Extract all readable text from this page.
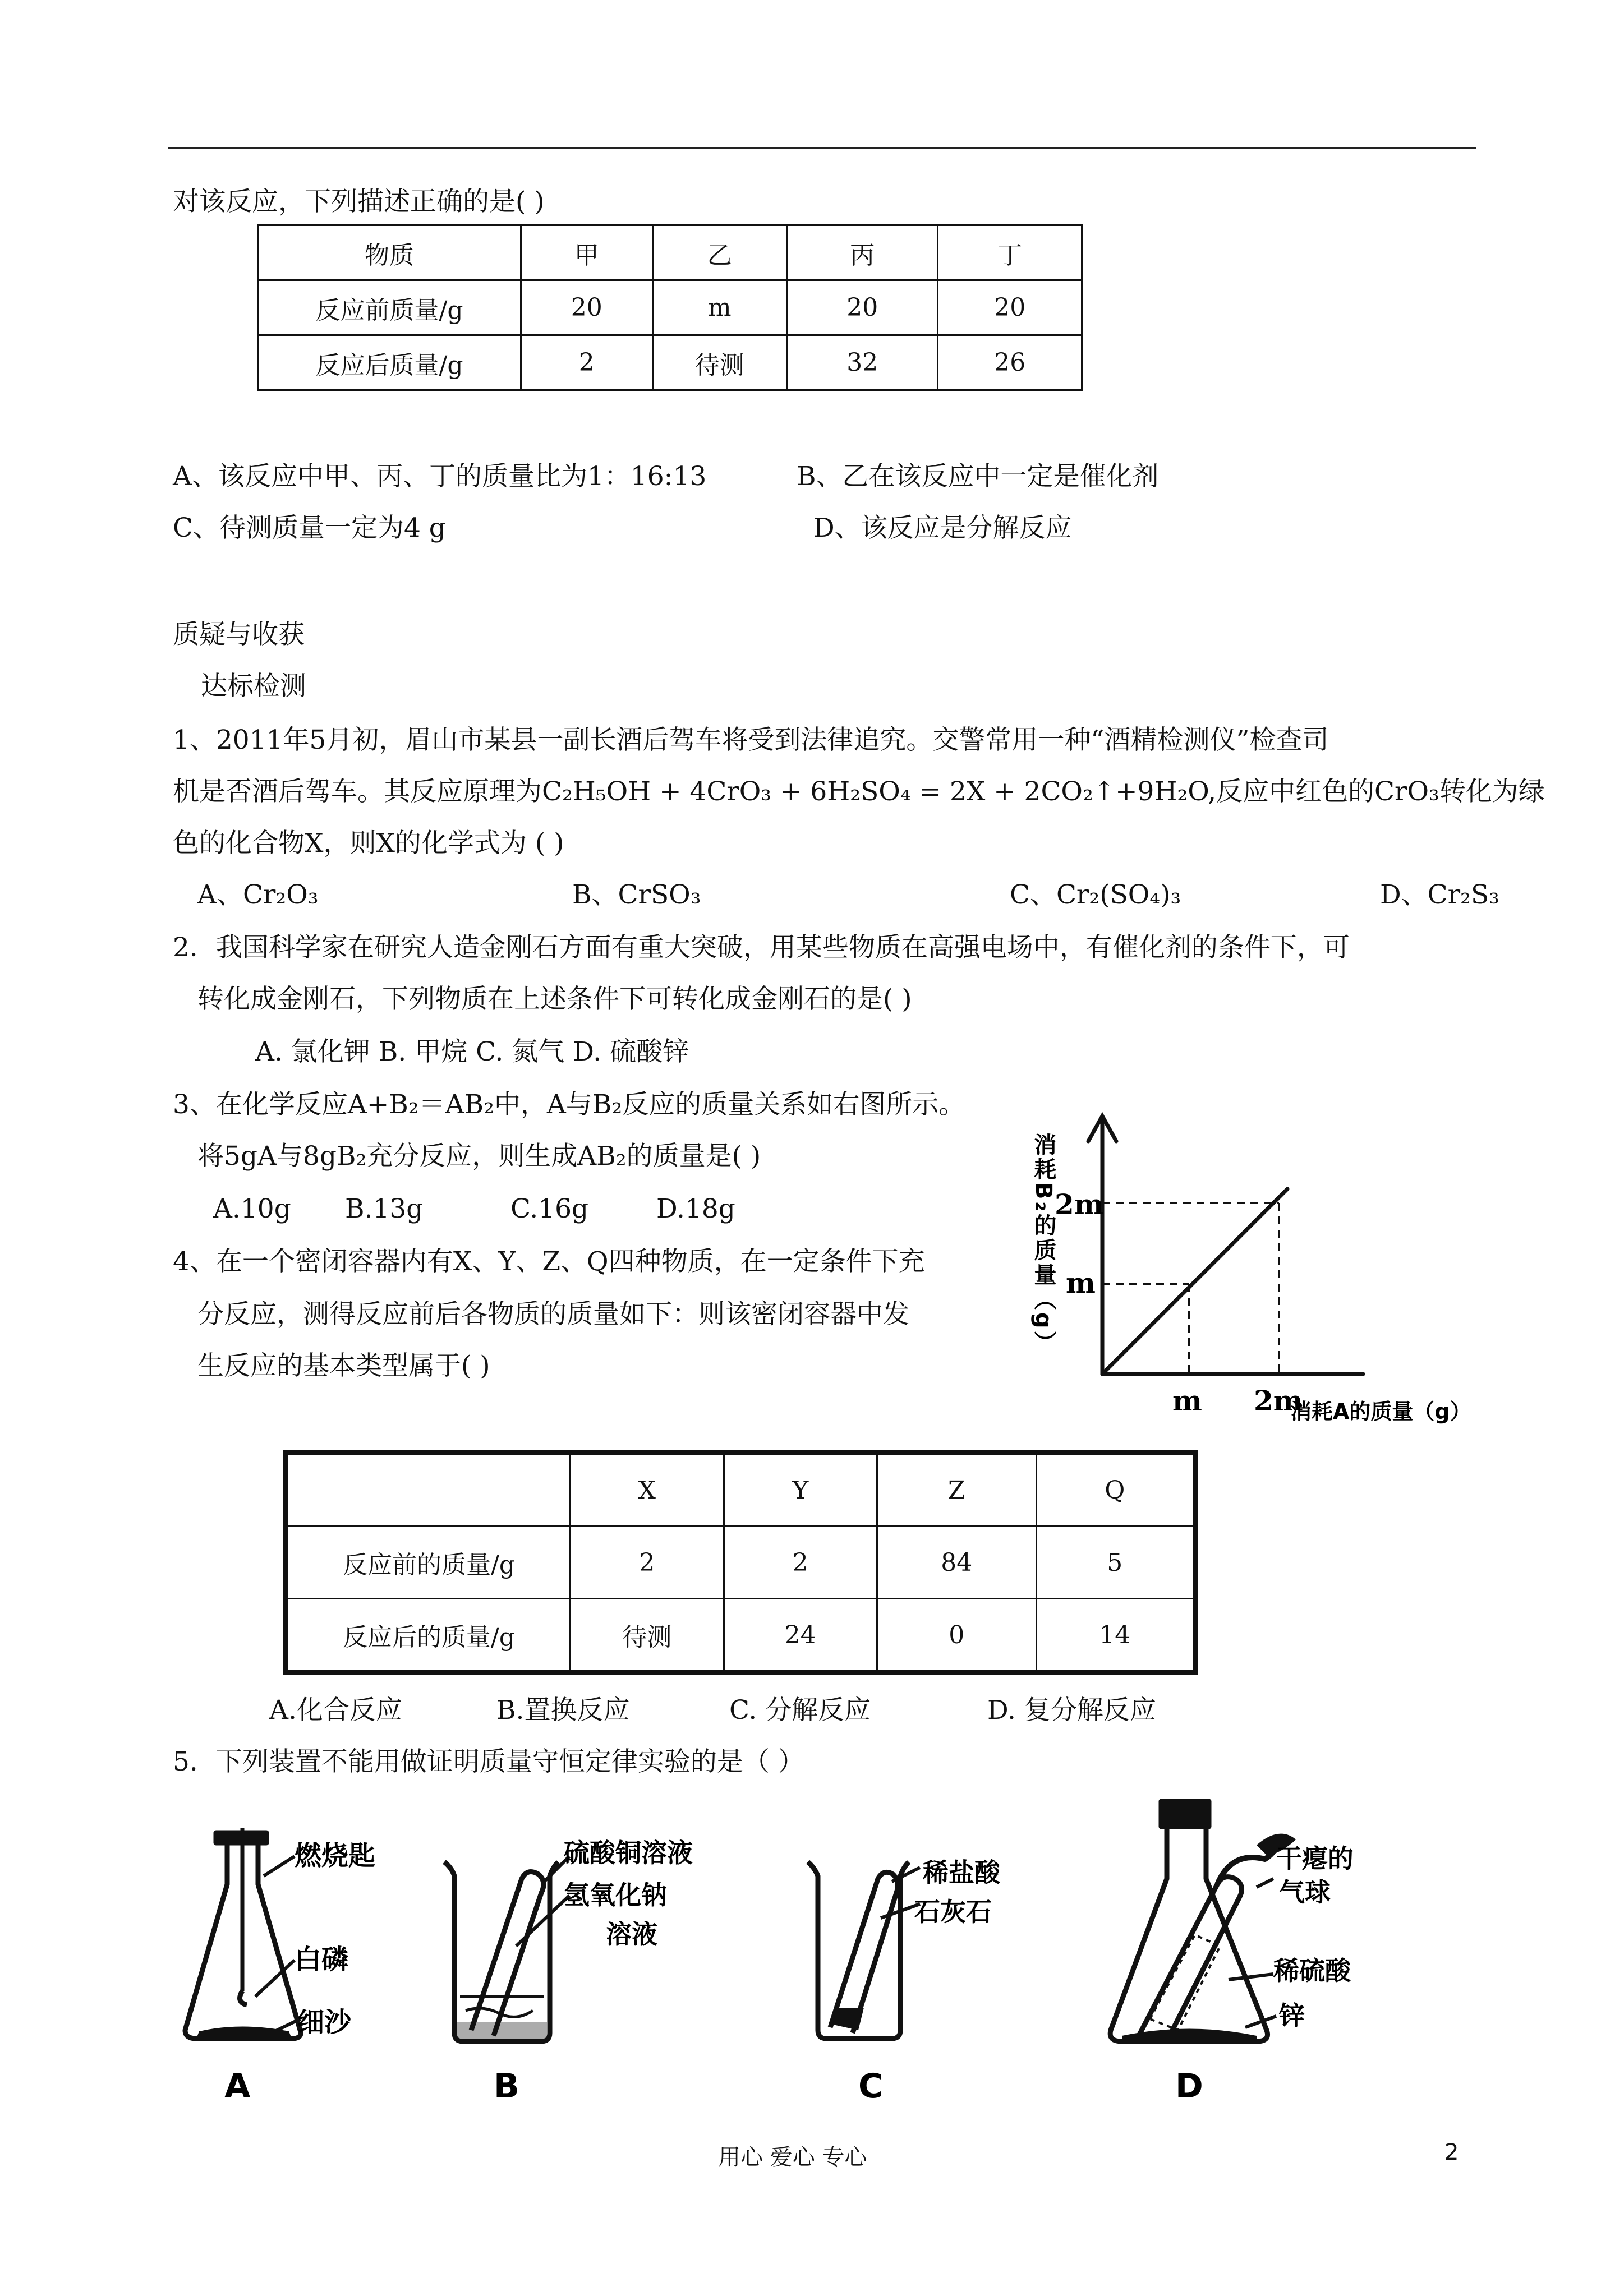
对该反应，下列描述正确的是( )
物质	甲	乙	丙	丁
反应前质量/g	20	m	20	20
反应后质量/g	2	待测	32	26
A、该反应中甲、丙、丁的质量比为1：16:13	B、乙在该反应中一定是催化剂
C、待测质量一定为4 g	D、该反应是分解反应
质疑与收获
达标检测
1、2011年5月初，眉山市某县一副长酒后驾车将受到法律追究。交警常用一种“酒精检测仪”检查司
机是否酒后驾车。其反应原理为C₂H₅OH + 4CrO₃ + 6H₂SO₄ = 2X + 2CO₂↑+9H₂O,反应中红色的CrO₃转化为绿
色的化合物X，则X的化学式为 ( )
A、Cr₂O₃	B、CrSO₃	C、Cr₂(SO₄)₃	D、Cr₂S₃
2．我国科学家在研究人造金刚石方面有重大突破，用某些物质在高强电场中，有催化剂的条件下，可
转化成金刚石，下列物质在上述条件下可转化成金刚石的是( )
A. 氯化钾 B. 甲烷 C. 氮气 D. 硫酸锌
3、在化学反应A+B₂＝AB₂中，A与B₂反应的质量关系如右图所示。
将5gA与8gB₂充分反应，则生成AB₂的质量是( )
A.10g B.13g	C.16g	D.18g
4、在一个密闭容器内有X、Y、Z、Q四种物质，在一定条件下充
分反应，测得反应前后各物质的质量如下：则该密闭容器中发
生反应的基本类型属于( )
消耗B₂的质量（g）
2m
m
m 2m
消耗A的质量（g）
	X	Y	Z	Q
反应前的质量/g	2	2	84	5
反应后的质量/g	待测	24	0	14
A.化合反应	B.置换反应	C. 分解反应	D. 复分解反应
5．下列装置不能用做证明质量守恒定律实验的是（ ）
燃烧匙
白磷
细沙
A
硫酸铜溶液
氢氧化钠
溶液
B
稀盐酸
石灰石
C
干瘪的
气球
稀硫酸
锌
D
用心 爱心 专心	2
